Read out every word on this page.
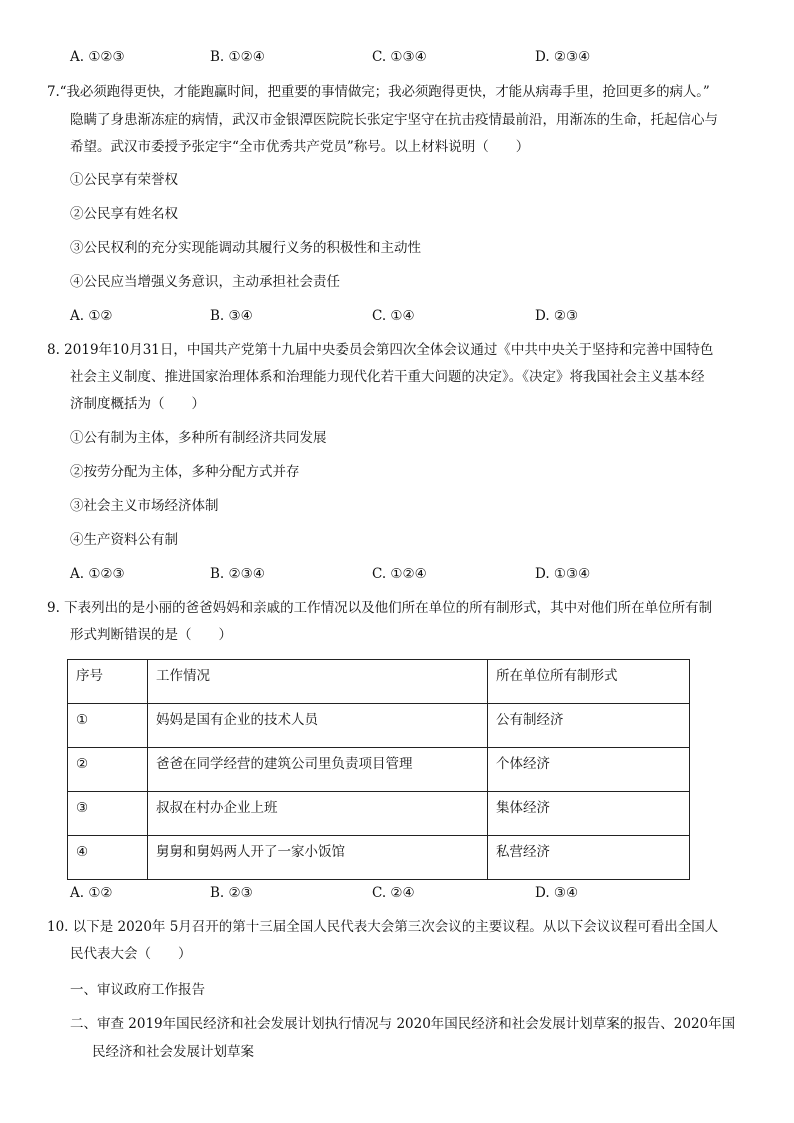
A. ①②③	B. ①②④	C. ①③④	D. ②③④
7.“我必须跑得更快，才能跑赢时间，把重要的事情做完；我必须跑得更快，才能从病毒手里，抢回更多的病人。”
隐瞒了身患渐冻症的病情，武汉市金银潭医院院长张定宇坚守在抗击疫情最前沿，用渐冻的生命，托起信心与
希望。武汉市委授予张定宇“全市优秀共产党员”称号。以上材料说明（　　）
①公民享有荣誉权
②公民享有姓名权
③公民权利的充分实现能调动其履行义务的积极性和主动性
④公民应当增强义务意识，主动承担社会责任
A. ①②	B. ③④	C. ①④	D. ②③
8. 2019年10月31日，中国共产党第十九届中央委员会第四次全体会议通过《中共中央关于坚持和完善中国特色
社会主义制度、推进国家治理体系和治理能力现代化若干重大问题的决定》。《决定》将我国社会主义基本经
济制度概括为（　　）
①公有制为主体，多种所有制经济共同发展
②按劳分配为主体，多种分配方式并存
③社会主义市场经济体制
④生产资料公有制
A. ①②③	B. ②③④	C. ①②④	D. ①③④
9. 下表列出的是小丽的爸爸妈妈和亲戚的工作情况以及他们所在单位的所有制形式，其中对他们所在单位所有制
形式判断错误的是（　　）
序号	工作情况	所在单位所有制形式
①	妈妈是国有企业的技术人员	公有制经济
②	爸爸在同学经营的建筑公司里负责项目管理	个体经济
③	叔叔在村办企业上班	集体经济
④	舅舅和舅妈两人开了一家小饭馆	私营经济
A. ①②	B. ②③	C. ②④	D. ③④
10. 以下是 2020年 5月召开的第十三届全国人民代表大会第三次会议的主要议程。从以下会议议程可看出全国人
民代表大会（　　）
一、审议政府工作报告
二、审查 2019年国民经济和社会发展计划执行情况与 2020年国民经济和社会发展计划草案的报告、2020年国
民经济和社会发展计划草案
